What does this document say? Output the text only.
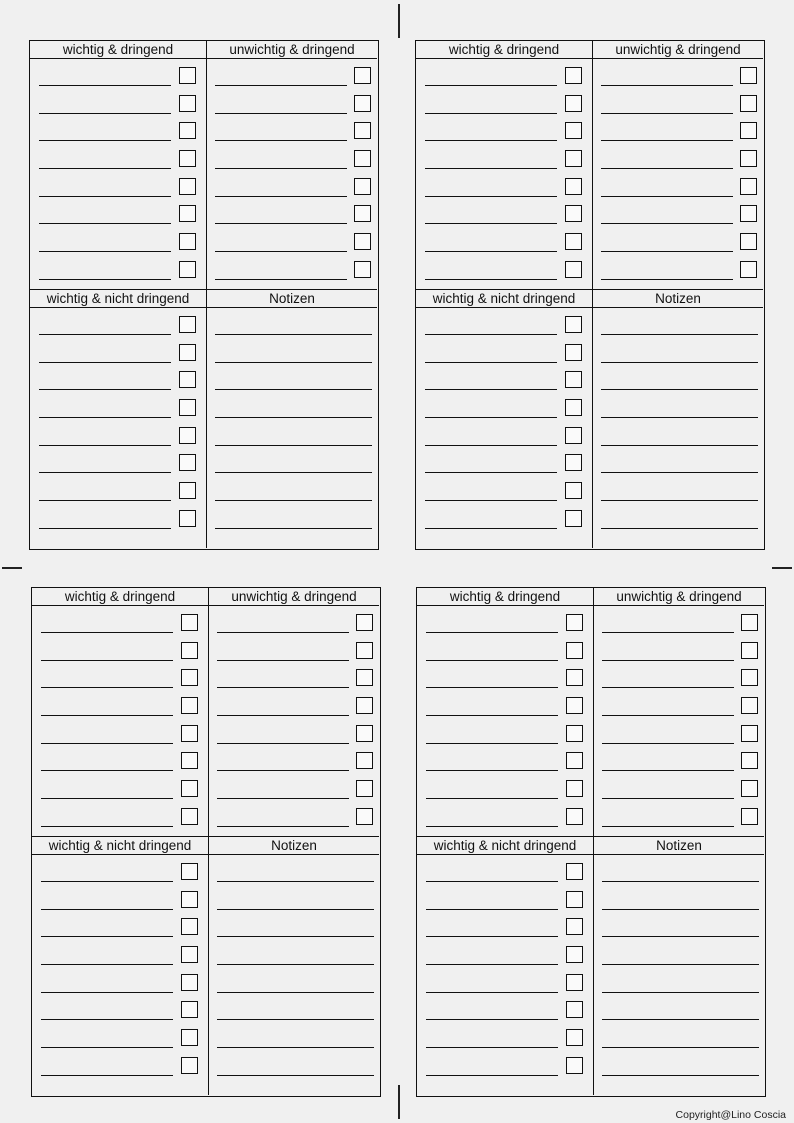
wichtig & dringend	unwichtig & dringend
wichtig & nicht dringend	Notizen
wichtig & dringend	unwichtig & dringend
wichtig & nicht dringend	Notizen
wichtig & dringend	unwichtig & dringend
wichtig & nicht dringend	Notizen
wichtig & dringend	unwichtig & dringend
wichtig & nicht dringend	Notizen
Copyright@Lino Coscia
